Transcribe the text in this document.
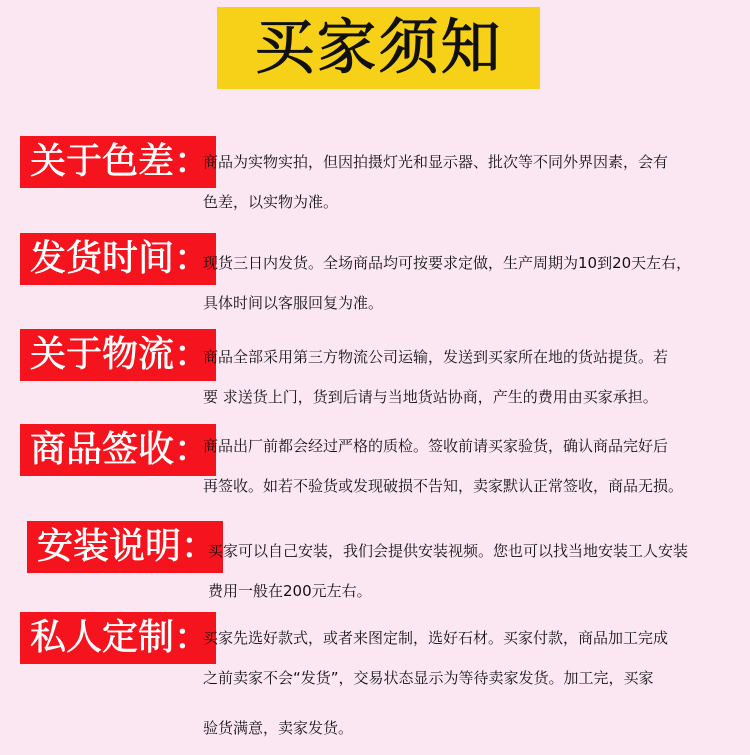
买家须知
关于色差：
商品为实物实拍，但因拍摄灯光和显示器、批次等不同外界因素，会有
色差，以实物为准。
发货时间：
现货三日内发货。全场商品均可按要求定做，生产周期为10到20天左右，
具体时间以客服回复为准。
关于物流：
商品全部采用第三方物流公司运输，发送到买家所在地的货站提货。若
要 求送货上门，货到后请与当地货站协商，产生的费用由买家承担。
商品签收：
商品出厂前都会经过严格的质检。签收前请买家验货，确认商品完好后
再签收。如若不验货或发现破损不告知，卖家默认正常签收，商品无损。
安装说明：
买家可以自己安装，我们会提供安装视频。您也可以找当地安装工人安装
费用一般在200元左右。
私人定制：
买家先选好款式，或者来图定制，选好石材。买家付款，商品加工完成
之前卖家不会“发货”，交易状态显示为等待卖家发货。加工完，买家
验货满意，卖家发货。
